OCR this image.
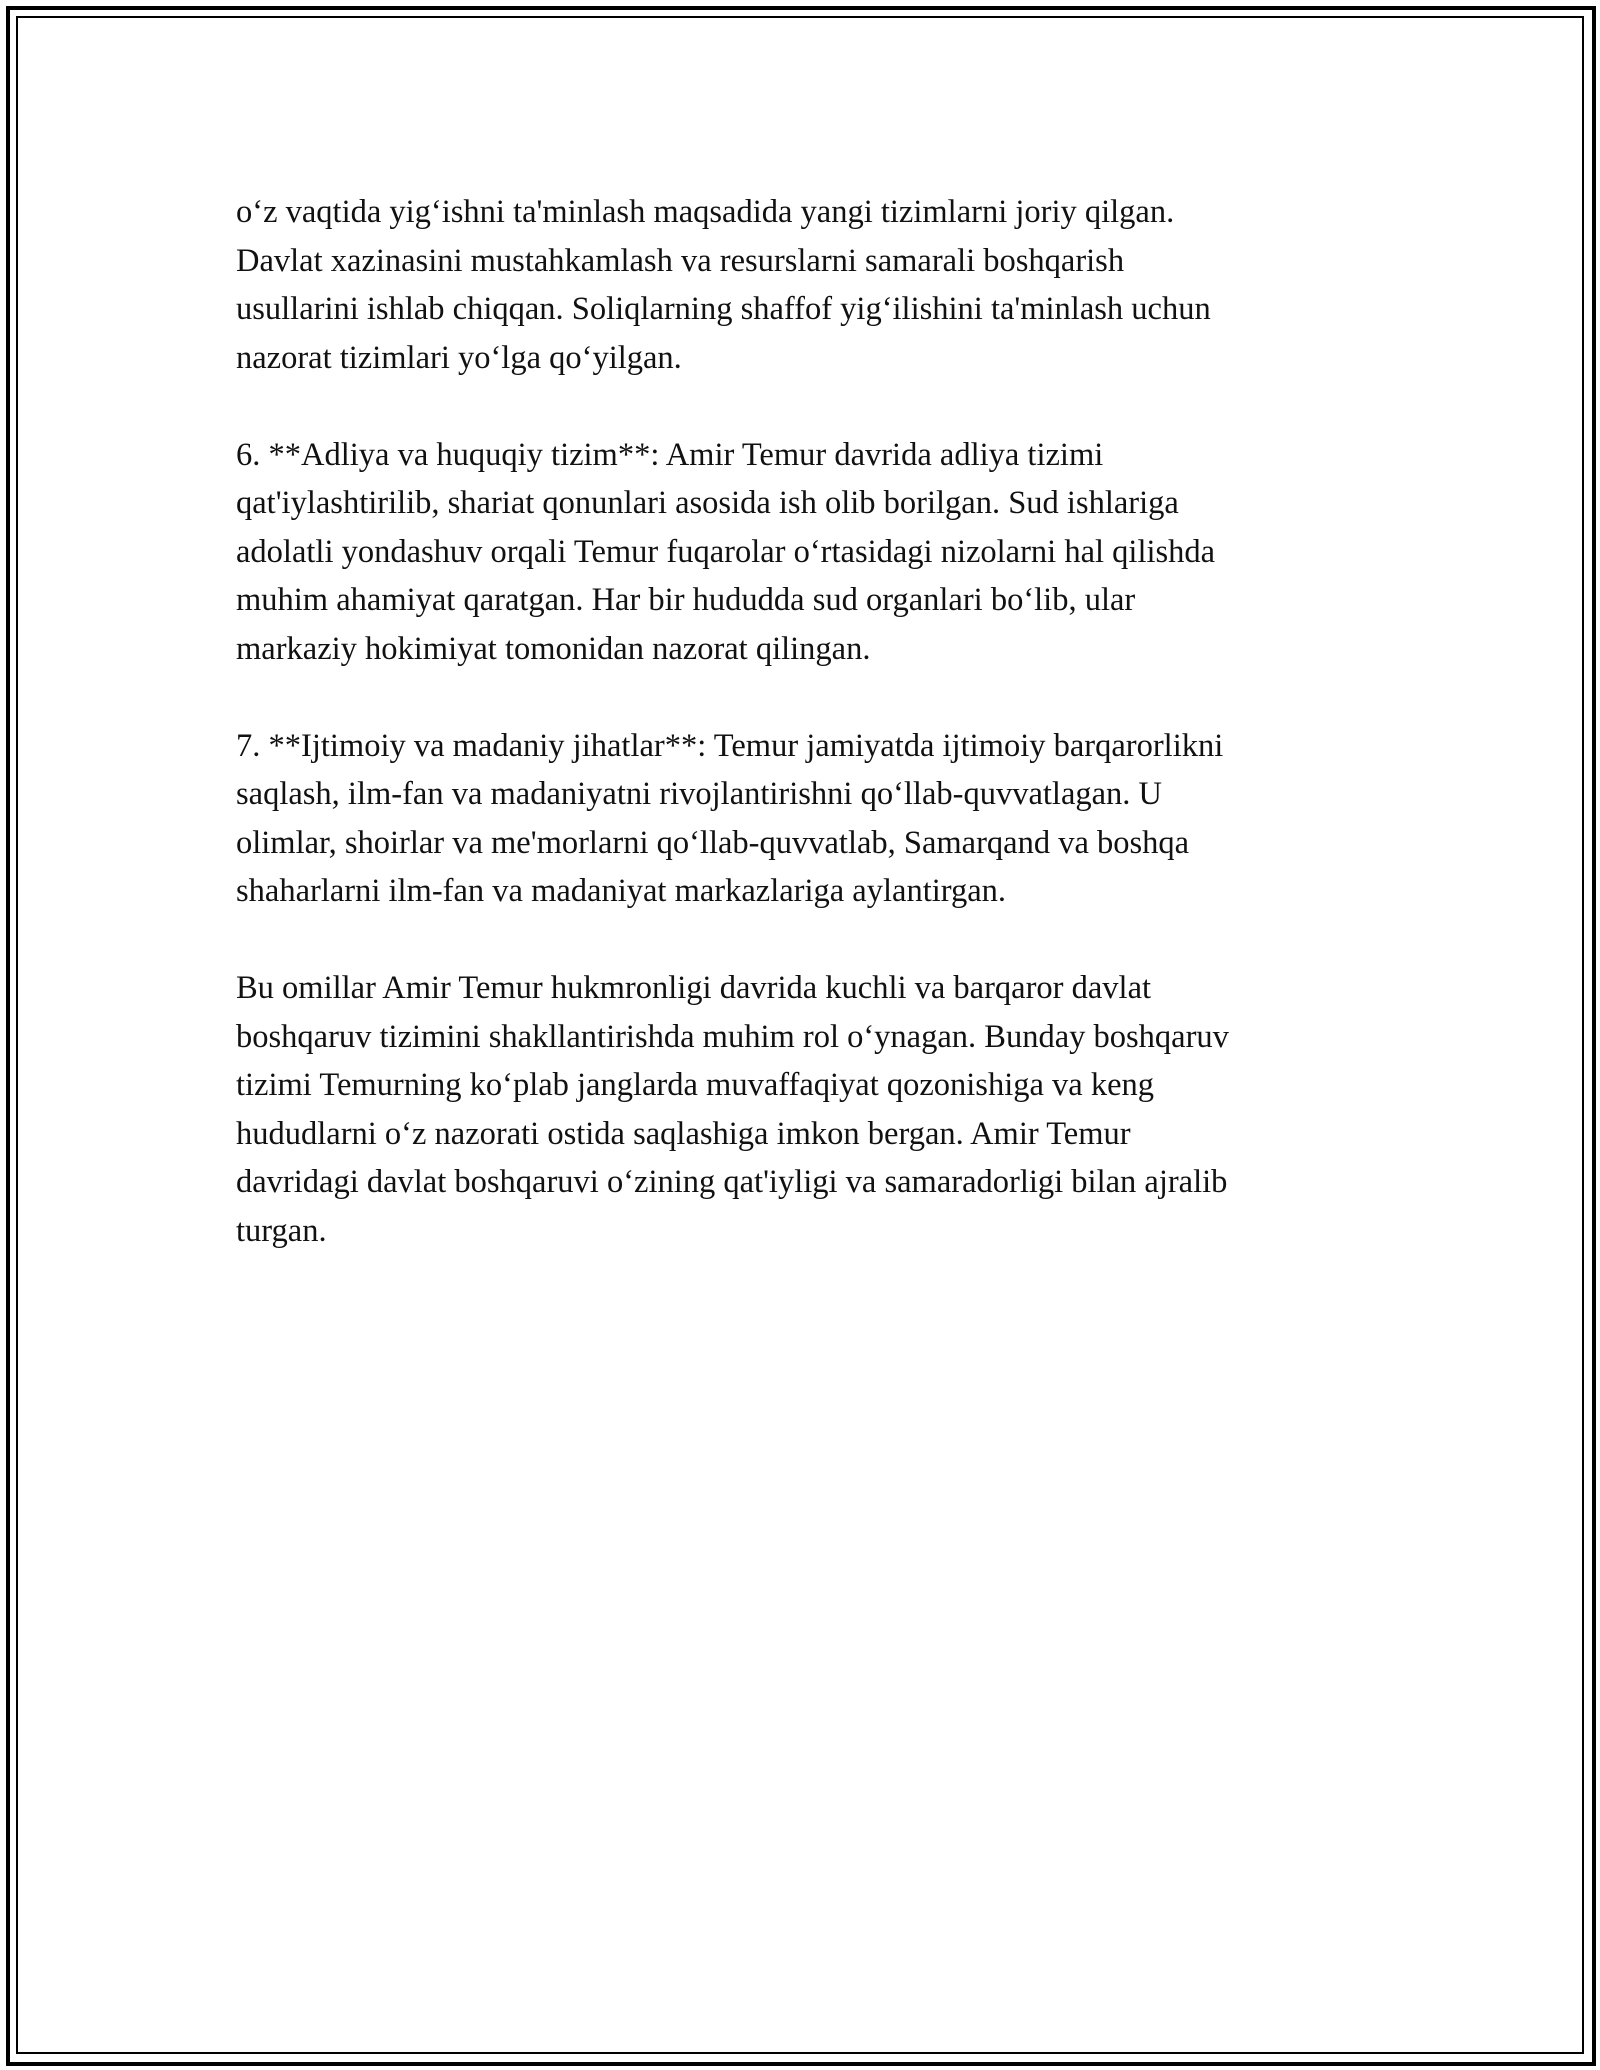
o‘z vaqtida yig‘ishni ta'minlash maqsadida yangi tizimlarni joriy qilgan.
Davlat xazinasini mustahkamlash va resurslarni samarali boshqarish
usullarini ishlab chiqqan. Soliqlarning shaffof yig‘ilishini ta'minlash uchun
nazorat tizimlari yo‘lga qo‘yilgan.

6. **Adliya va huquqiy tizim**: Amir Temur davrida adliya tizimi
qat'iylashtirilib, shariat qonunlari asosida ish olib borilgan. Sud ishlariga
adolatli yondashuv orqali Temur fuqarolar o‘rtasidagi nizolarni hal qilishda
muhim ahamiyat qaratgan. Har bir hududda sud organlari bo‘lib, ular
markaziy hokimiyat tomonidan nazorat qilingan.

7. **Ijtimoiy va madaniy jihatlar**: Temur jamiyatda ijtimoiy barqarorlikni
saqlash, ilm-fan va madaniyatni rivojlantirishni qo‘llab-quvvatlagan. U
olimlar, shoirlar va me'morlarni qo‘llab-quvvatlab, Samarqand va boshqa
shaharlarni ilm-fan va madaniyat markazlariga aylantirgan.

Bu omillar Amir Temur hukmronligi davrida kuchli va barqaror davlat
boshqaruv tizimini shakllantirishda muhim rol o‘ynagan. Bunday boshqaruv
tizimi Temurning ko‘plab janglarda muvaffaqiyat qozonishiga va keng
hududlarni o‘z nazorati ostida saqlashiga imkon bergan. Amir Temur
davridagi davlat boshqaruvi o‘zining qat'iyligi va samaradorligi bilan ajralib
turgan.
